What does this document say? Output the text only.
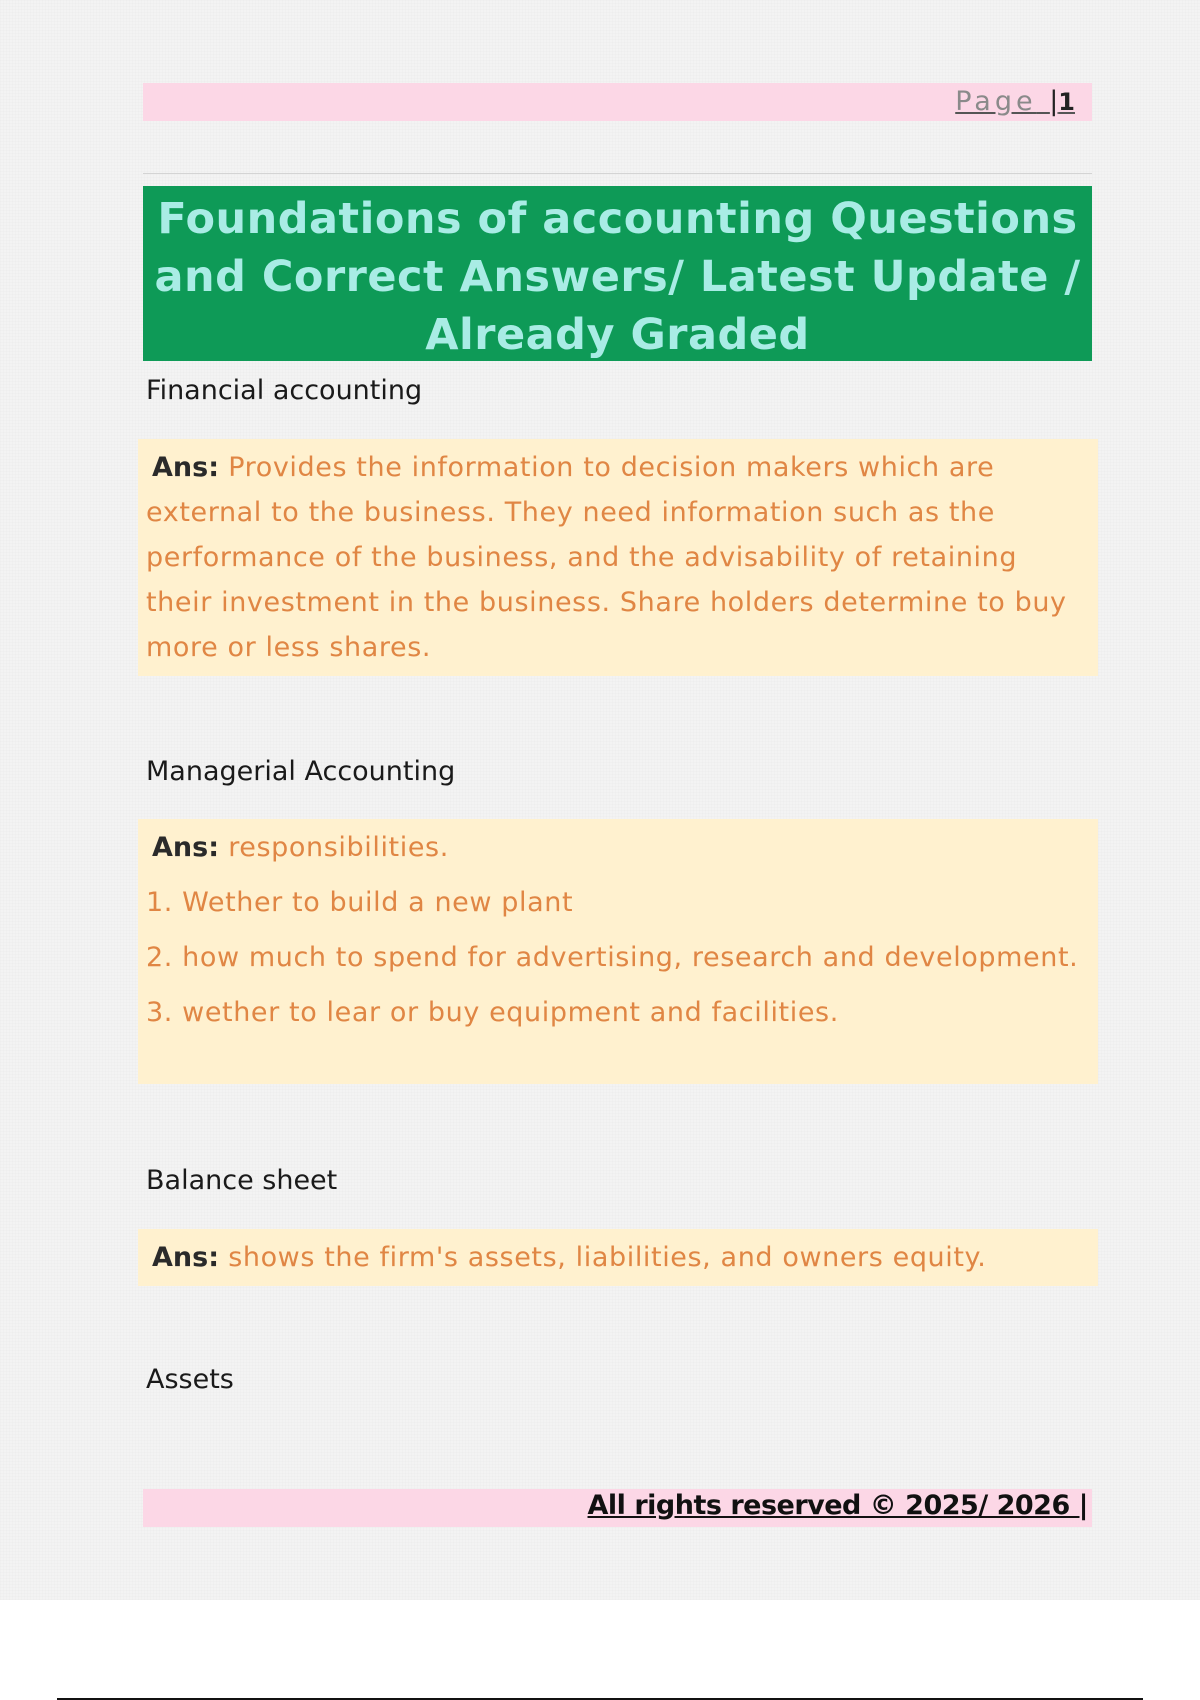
Page |1

Foundations of accounting Questions and Correct Answers/ Latest Update / Already Graded

Financial accounting

Ans: Provides the information to decision makers which are external to the business. They need information such as the performance of the business, and the advisability of retaining their investment in the business. Share holders determine to buy more or less shares.

Managerial Accounting

Ans: responsibilities.

1. Wether to build a new plant

2. how much to spend for advertising, research and development.

3. wether to lear or buy equipment and facilities.

Balance sheet

Ans: shows the firm's assets, liabilities, and owners equity.

Assets
All rights reserved © 2025/ 2026 |
